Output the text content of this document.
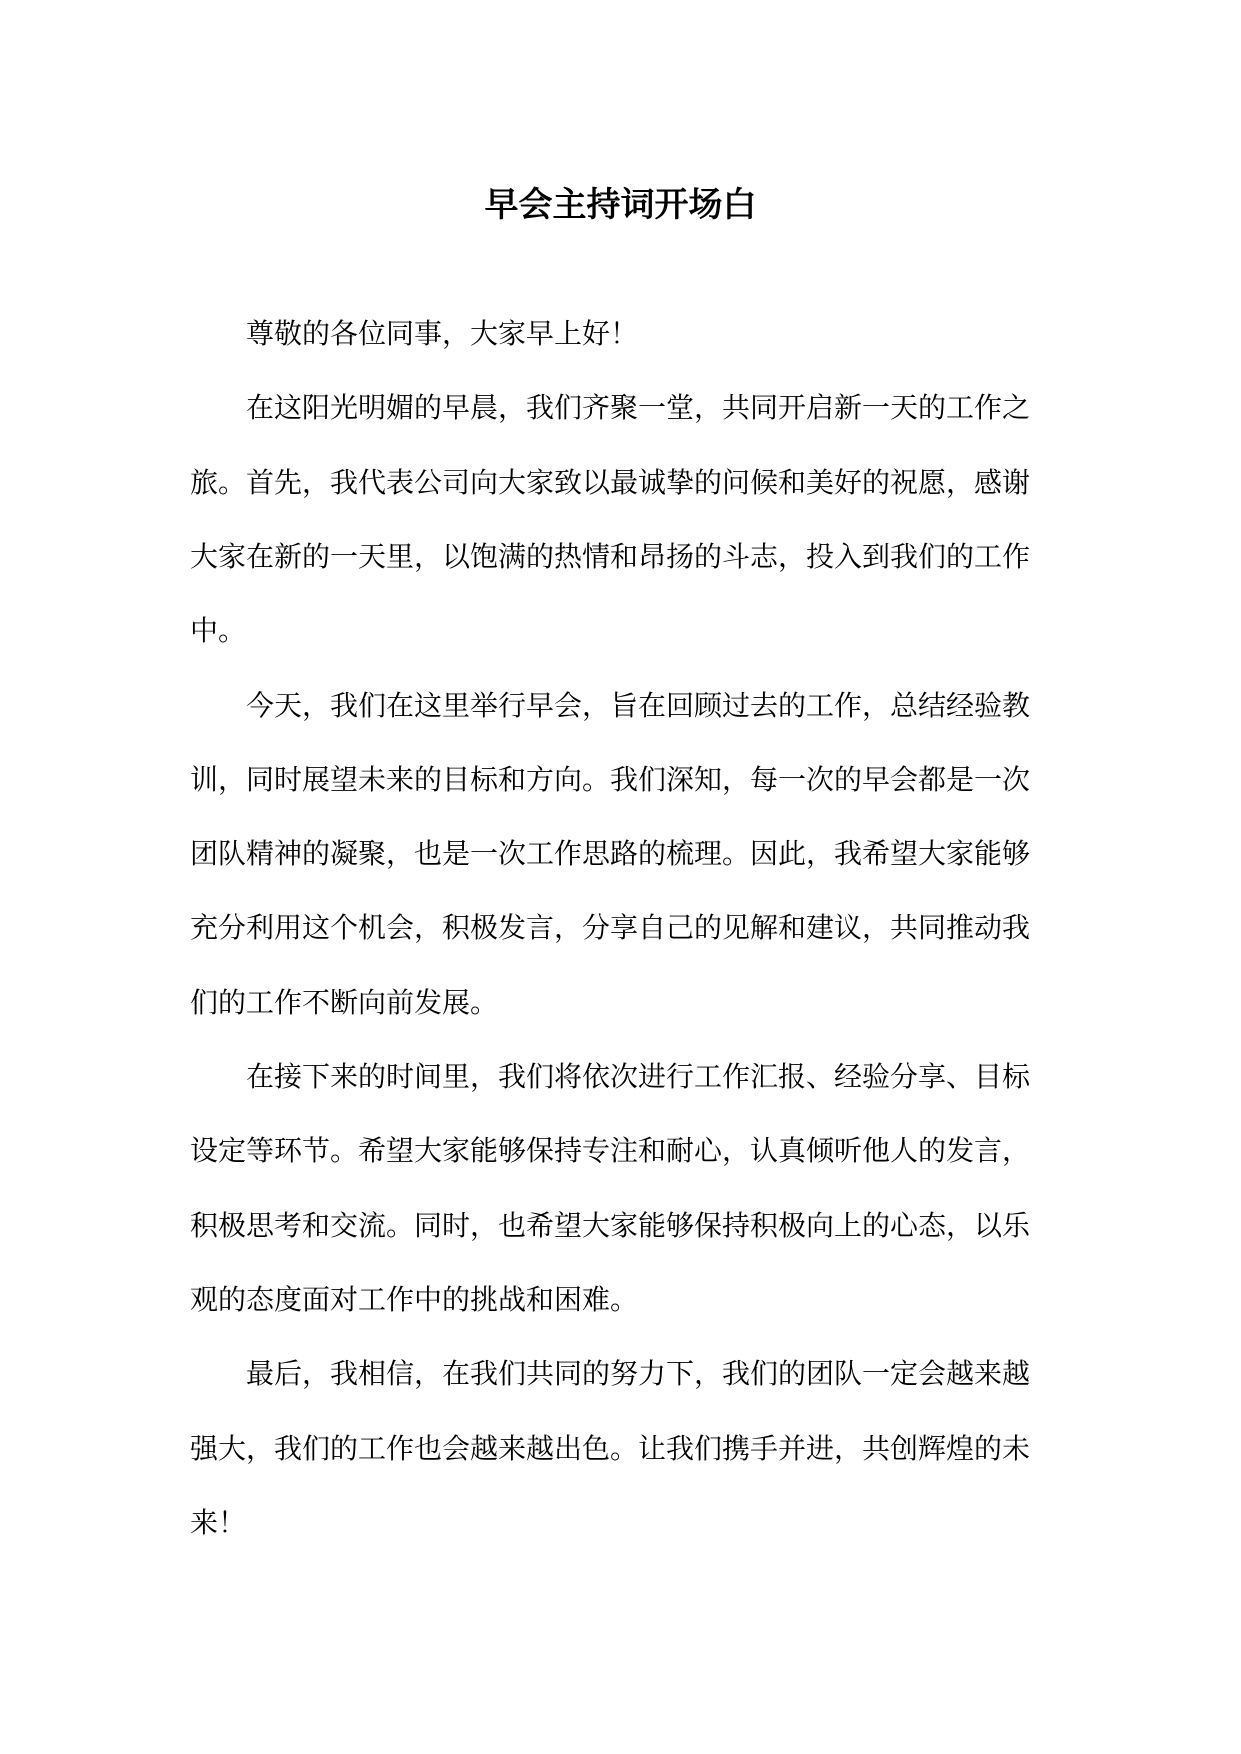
早会主持词开场白

尊敬的各位同事，大家早上好！

在这阳光明媚的早晨，我们齐聚一堂，共同开启新一天的工作之

旅。首先，我代表公司向大家致以最诚挚的问候和美好的祝愿，感谢

大家在新的一天里，以饱满的热情和昂扬的斗志，投入到我们的工作

中。

今天，我们在这里举行早会，旨在回顾过去的工作，总结经验教

训，同时展望未来的目标和方向。我们深知，每一次的早会都是一次

团队精神的凝聚，也是一次工作思路的梳理。因此，我希望大家能够

充分利用这个机会，积极发言，分享自己的见解和建议，共同推动我

们的工作不断向前发展。

在接下来的时间里，我们将依次进行工作汇报、经验分享、目标

设定等环节。希望大家能够保持专注和耐心，认真倾听他人的发言，

积极思考和交流。同时，也希望大家能够保持积极向上的心态，以乐

观的态度面对工作中的挑战和困难。

最后，我相信，在我们共同的努力下，我们的团队一定会越来越

强大，我们的工作也会越来越出色。让我们携手并进，共创辉煌的未

来！
